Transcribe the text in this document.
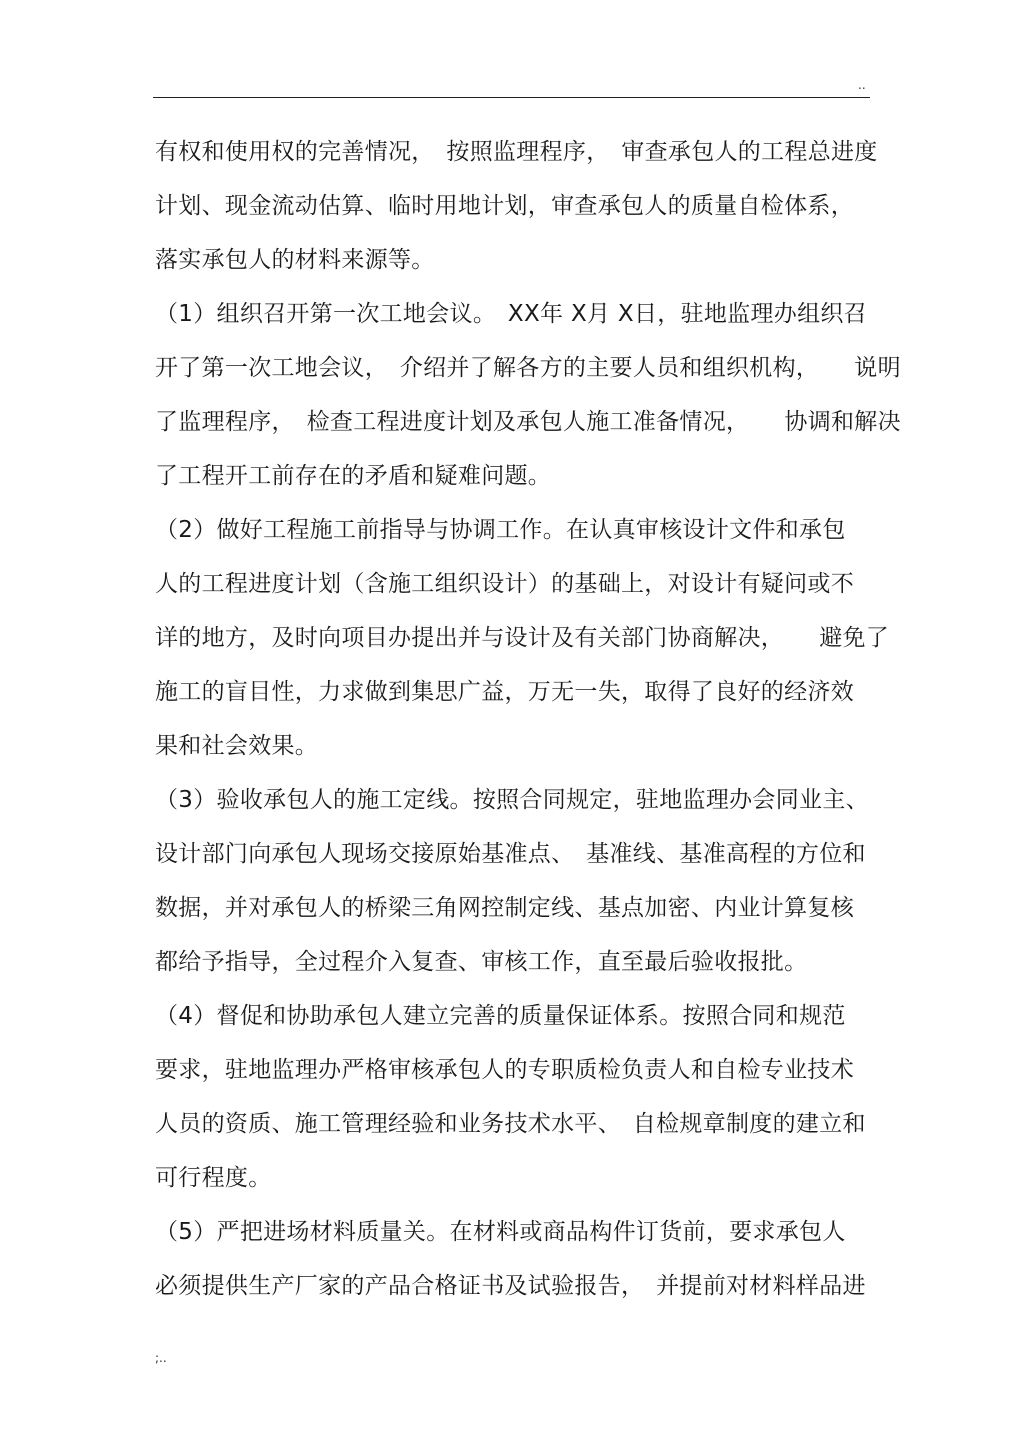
..
有权和使用权的完善情况，　按照监理程序，　审查承包人的工程总进度
计划、现金流动估算、临时用地计划，审查承包人的质量自检体系，
落实承包人的材料来源等。
（1）组织召开第一次工地会议。　XX年 X月 X日，驻地监理办组织召
开了第一次工地会议，　介绍并了解各方的主要人员和组织机构，　　说明
了监理程序，　检查工程进度计划及承包人施工准备情况，　　协调和解决
了工程开工前存在的矛盾和疑难问题。
（2）做好工程施工前指导与协调工作。在认真审核设计文件和承包
人的工程进度计划（含施工组织设计）的基础上，对设计有疑问或不
详的地方，及时向项目办提出并与设计及有关部门协商解决，　　避免了
施工的盲目性，力求做到集思广益，万无一失，取得了良好的经济效
果和社会效果。
（3）验收承包人的施工定线。按照合同规定，驻地监理办会同业主、
设计部门向承包人现场交接原始基准点、　基准线、基准高程的方位和
数据，并对承包人的桥梁三角网控制定线、基点加密、内业计算复核
都给予指导，全过程介入复查、审核工作，直至最后验收报批。
（4）督促和协助承包人建立完善的质量保证体系。按照合同和规范
要求，驻地监理办严格审核承包人的专职质检负责人和自检专业技术
人员的资质、施工管理经验和业务技术水平、　自检规章制度的建立和
可行程度。
（5）严把进场材料质量关。在材料或商品构件订货前，要求承包人
必须提供生产厂家的产品合格证书及试验报告，　并提前对材料样品进
;..
